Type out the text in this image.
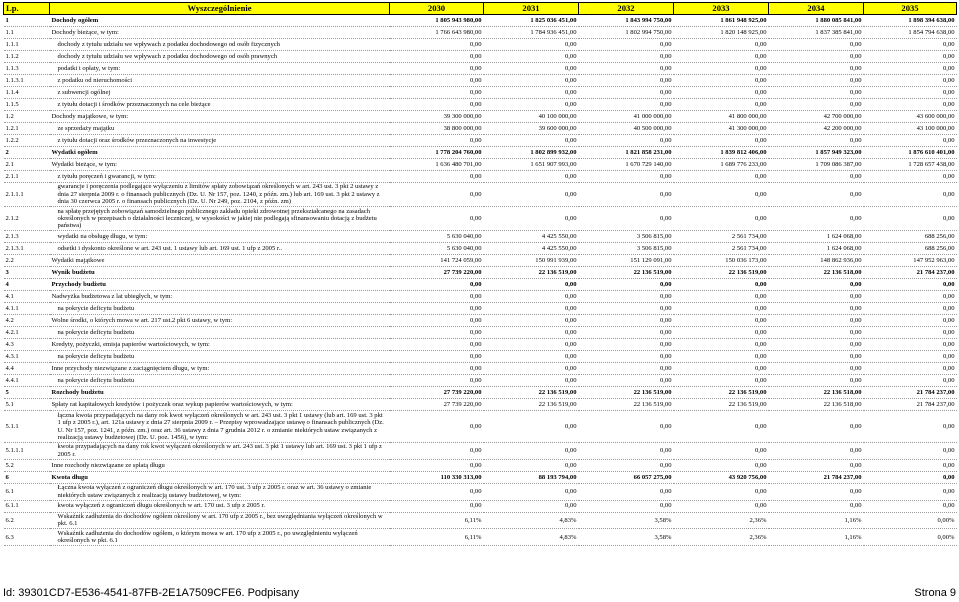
Lp.	Wyszczególnienie	2030	2031	2032	2033	2034	2035
1	Dochody ogółem	1 805 943 980,00	1 825 036 451,00	1 843 994 750,00	1 861 948 925,00	1 880 085 841,00	1 898 394 638,00
1.1	Dochody bieżące, w tym:	1 766 643 980,00	1 784 936 451,00	1 802 994 750,00	1 820 148 925,00	1 837 385 841,00	1 854 794 638,00
1.1.1	dochody z tytułu udziału we wpływach z podatku dochodowego od osób fizycznych	0,00	0,00	0,00	0,00	0,00	0,00
1.1.2	dochody z tytułu udziału we wpływach z podatku dochodowego od osób prawnych	0,00	0,00	0,00	0,00	0,00	0,00
1.1.3	podatki i opłaty, w tym:	0,00	0,00	0,00	0,00	0,00	0,00
1.1.3.1	z podatku od nieruchomości	0,00	0,00	0,00	0,00	0,00	0,00
1.1.4	z subwencji ogólnej	0,00	0,00	0,00	0,00	0,00	0,00
1.1.5	z tytułu dotacji i środków przeznaczonych na cele bieżące	0,00	0,00	0,00	0,00	0,00	0,00
1.2	Dochody majątkowe, w tym:	39 300 000,00	40 100 000,00	41 000 000,00	41 800 000,00	42 700 000,00	43 600 000,00
1.2.1	ze sprzedaży majątku	38 800 000,00	39 600 000,00	40 500 000,00	41 300 000,00	42 200 000,00	43 100 000,00
1.2.2	z tytułu dotacji oraz środków przeznaczonych na inwestycje	0,00	0,00	0,00	0,00	0,00	0,00
2	Wydatki ogółem	1 778 204 760,00	1 802 899 932,00	1 821 858 231,00	1 839 812 406,00	1 857 949 323,00	1 876 610 401,00
2.1	Wydatki bieżące, w tym:	1 636 480 701,00	1 651 907 993,00	1 670 729 140,00	1 689 776 233,00	1 709 086 387,00	1 728 657 438,00
2.1.1	z tytułu poręczeń i gwarancji, w tym:	0,00	0,00	0,00	0,00	0,00	0,00
2.1.1.1	gwarancje i poręczenia podlegające wyłączeniu z limitów spłaty zobowiązań określonych w art. 243 ust. 3 pkt 2 ustawy z dnia 27 sierpnia 2009 r. o finansach publicznych (Dz. U. Nr 157, poz. 1240, z późn. zm.) lub art. 169 ust. 3 pkt 2 ustawy z dnia 30 czerwca 2005 r. o finansach publicznych (Dz. U. Nr 249, poz. 2104, z późn. zm)	0,00	0,00	0,00	0,00	0,00	0,00
2.1.2	na spłatę przejętych zobowiązań samodzielnego publicznego zakładu opieki zdrowotnej przekształcanego na zasadach określonych w przepisach o działalności leczniczej, w wysokości w jakiej nie podlegają sfinansowaniu dotacją z budżetu państwa)	0,00	0,00	0,00	0,00	0,00	0,00
2.1.3	wydatki na obsługę długu, w tym:	5 630 040,00	4 425 550,00	3 506 815,00	2 561 734,00	1 624 068,00	688 256,00
2.1.3.1	odsetki i dyskonto określone w art. 243 ust. 1 ustawy lub art. 169 ust. 1 ufp z 2005 r..	5 630 040,00	4 425 550,00	3 506 815,00	2 561 734,00	1 624 068,00	688 256,00
2.2	Wydatki majątkowe	141 724 059,00	150 991 939,00	151 129 091,00	150 036 173,00	148 862 936,00	147 952 963,00
3	Wynik budżetu	27 739 220,00	22 136 519,00	22 136 519,00	22 136 519,00	22 136 518,00	21 784 237,00
4	Przychody budżetu	0,00	0,00	0,00	0,00	0,00	0,00
4.1	Nadwyżka budżetowa z lat ubiegłych, w tym:	0,00	0,00	0,00	0,00	0,00	0,00
4.1.1	na pokrycie deficytu budżetu	0,00	0,00	0,00	0,00	0,00	0,00
4.2	Wolne środki, o których mowa w art. 217 ust.2 pkt 6 ustawy, w tym:	0,00	0,00	0,00	0,00	0,00	0,00
4.2.1	na pokrycie deficytu budżetu	0,00	0,00	0,00	0,00	0,00	0,00
4.3	Kredyty, pożyczki, emisja papierów wartościowych, w tym:	0,00	0,00	0,00	0,00	0,00	0,00
4.3.1	na pokrycie deficytu budżetu	0,00	0,00	0,00	0,00	0,00	0,00
4.4	Inne przychody niezwiązane z zaciągnięciem długu, w tym:	0,00	0,00	0,00	0,00	0,00	0,00
4.4.1	na pokrycie deficytu budżetu	0,00	0,00	0,00	0,00	0,00	0,00
5	Rozchody budżetu	27 739 220,00	22 136 519,00	22 136 519,00	22 136 519,00	22 136 518,00	21 784 237,00
5.1	Spłaty rat kapitałowych kredytów i pożyczek oraz wykup papierów wartościowych, w tym:	27 739 220,00	22 136 519,00	22 136 519,00	22 136 519,00	22 136 518,00	21 784 237,00
5.1.1	łączna kwota przypadających na dany rok kwot wyłączeń określonych w art. 243 ust. 3 pkt 1 ustawy (lub art. 169 ust. 3 pkt 1 ufp z 2005 r.), art. 121a ustawy z dnia 27 sierpnia 2009 r. – Przepisy wprowadzające ustawę o finansach publicznych (Dz. U. Nr 157, poz. 1241, z późn. zm.) oraz art. 36 ustawy z dnia 7 grudnia 2012 r. o zmianie niektórych ustaw związanych z realizacją ustawy budżetowej (Dz. U. poz. 1456), w tym:	0,00	0,00	0,00	0,00	0,00	0,00
5.1.1.1	kwota przypadających na dany rok kwot wyłączeń określonych w art. 243 ust. 3 pkt 1 ustawy lub art. 169 ust. 3 pkt 1 ufp z 2005 r.	0,00	0,00	0,00	0,00	0,00	0,00
5.2	Inne rozchody niezwiązane ze spłatą długu	0,00	0,00	0,00	0,00	0,00	0,00
6	Kwota długu	110 330 313,00	88 193 794,00	66 057 275,00	43 920 756,00	21 784 237,00	0,00
6.1	Łączna kwota wyłączeń z ograniczeń długu określonych w art. 170 ust. 3 ufp z 2005 r. oraz w art. 36 ustawy o zmianie niektórych ustaw związanych z realizacją ustawy budżetowej, w tym:	0,00	0,00	0,00	0,00	0,00	0,00
6.1.1	kwota wyłączeń z ograniczeń długu określonych w art. 170 ust. 3 ufp z 2005 r.	0,00	0,00	0,00	0,00	0,00	0,00
6.2	Wskaźnik zadłużenia do dochodów ogółem określony w art. 170 ufp z 2005 r., bez uwzględniania wyłączeń określonych w pkt. 6.1	6,11%	4,83%	3,58%	2,36%	1,16%	0,00%
6.3	Wskaźnik zadłużenia do dochodów ogółem, o którym mowa w art. 170 ufp z 2005 r., po uwzględnieniu wyłączeń określonych w pkt. 6.1	6,11%	4,83%	3,58%	2,36%	1,16%	0,00%
Id: 39301CD7-E536-4541-87FB-2E1A7509CFE6. Podpisany	Strona 9
